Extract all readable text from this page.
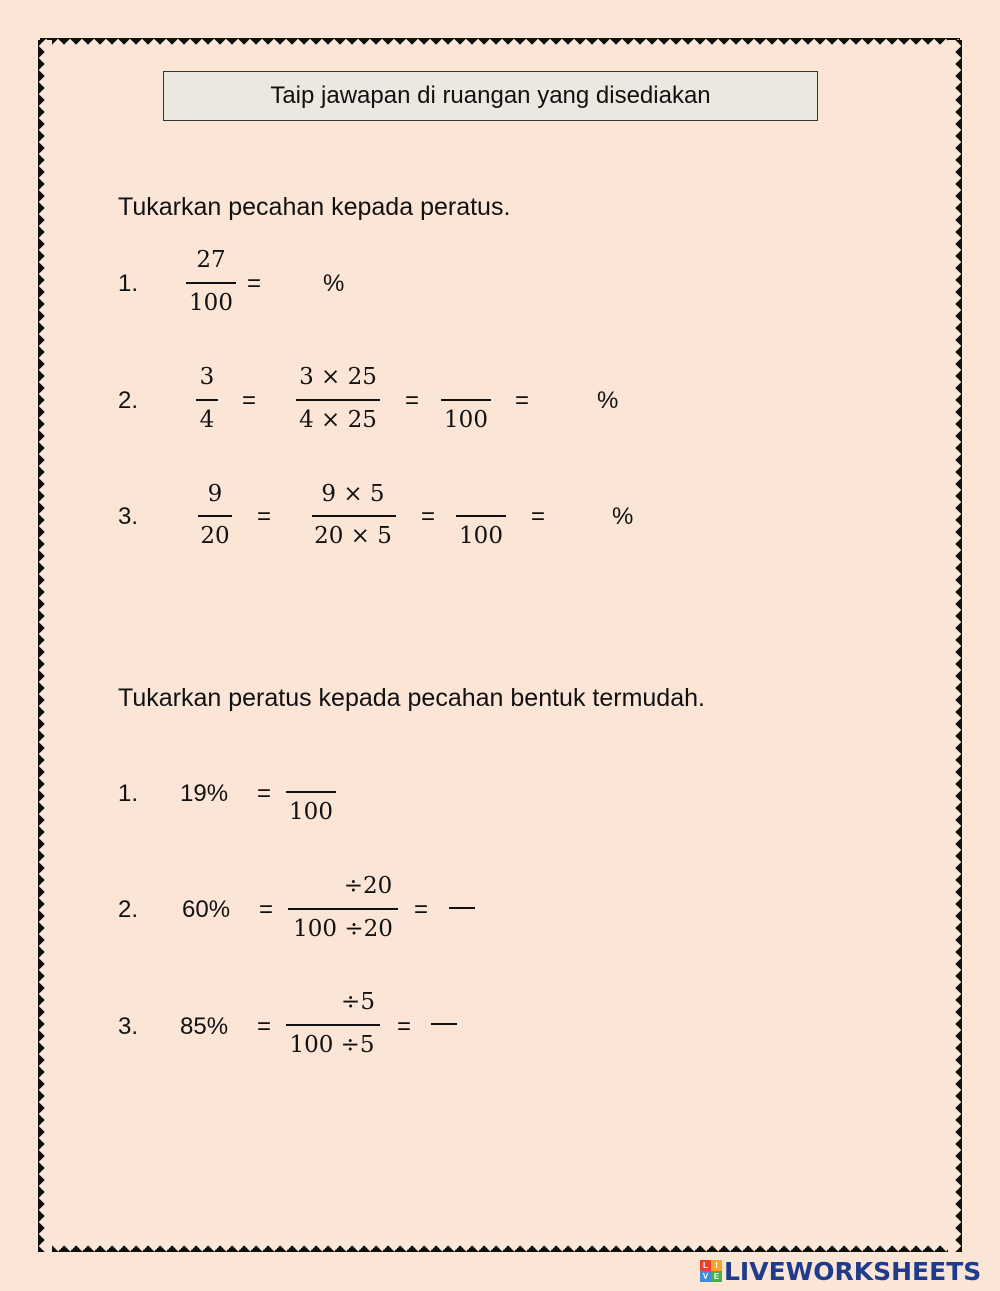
Taip jawapan di ruangan yang disediakan
Tukarkan pecahan kepada peratus.
1.
27
100
=	%
2.
3
4
=
3 × 25
4 × 25
=
100
=	%
3.
9
20
=
9 × 5
20 × 5
=
100
=	%
Tukarkan peratus kepada pecahan bentuk termudah.
1. 19% =
100
2. 60% =
÷20
100 ÷20
=
3. 85% =
÷5
100 ÷5
=
L I
V E LIVEWORKSHEETS
